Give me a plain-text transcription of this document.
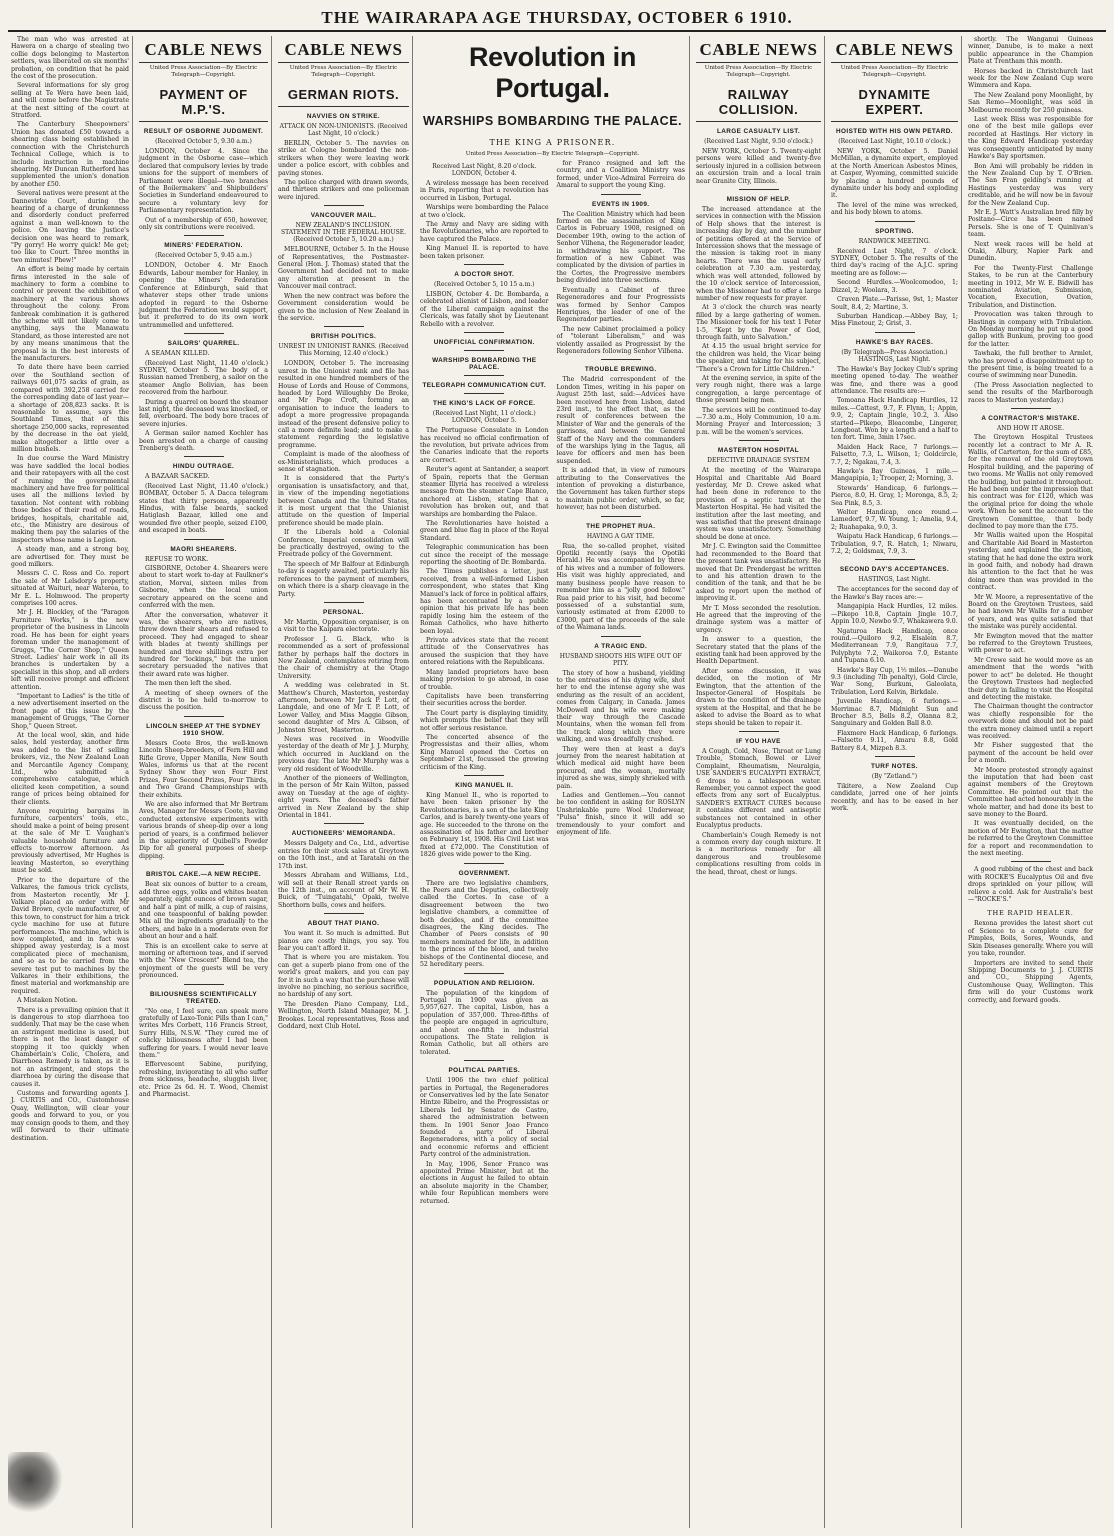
THE WAIRARAPA AGE THURSDAY, OCTOBER 6 1910.

The man who was arrested at Hawera on a charge of stealing two collie dogs belonging to Masterton settlers, was liberated on six months' probation, on condition that he paid the cost of the prosecution.

Several informations for sly grog selling at Te Wera have been laid, and will come before the Magistrate at the next sitting of the court at Stratford.

The Canterbury Sheepowners' Union has donated £50 towards a shearing class being established in connection with the Christchurch Technical College, which is to include instruction in machine shearing. Mr Duncan Rutherford has supplemented the union's donation by another £50.

Several natives were present at the Dannevirke Court, during the hearing of a charge of drunkenness and disorderly conduct preferred against a man well-known to the police. On leaving the Justice's decision one was heard to remark, "Py gorry! He worry quick! Me get; too like to Court. Three months in two minutes! Phew!"

An effort is being made by certain firms interested in the sale of machinery to form a combine to control or prevent the exhibition of machinery at the various shows throughout the colony. From fanbreak combination it is gathered the scheme will not likely come to anything, says the Manawatu Standard, as those interested are not by any means unanimous that the proposal is in the best interests of the manufacturers.

To date there have been carried over the Southland section of railways 601,075 sacks of grain, as compared with 392,258 carried for the corresponding date of last year—a shortage of 208,823 sacks. It is reasonable to assume, says the Southland Times, that of this shortage 250,000 sacks, represented by the decrease in the oat yield, make altogether a little over a million bushels.

In due course the Ward Ministry was have saddled the local bodies and their ratepayers with all the cost of running the governmental machinery and have free for political uses all the millions levied by taxation. Not content with robbing those bodies of their road of roads, bridges, hospitals, charitable aid, etc., the Ministry are desirous of making them pay the salaries of the inspectors whose name is Legion.

A steady man, and a strong boy, are advertised for. They must be good milkers.

Messrs C. C. Ross and Co. report the sale of Mr Lelsdorp's property, situated at Waituri, near Waterea, to Mr E. L. Holmwood. The property comprises 100 acres.

Mr J. H. Blockley, of the "Paragon Furniture Works," is the new proprietor of the business in Lincoln road. He has been for eight years foreman under the management of Gruggs, "The Corner Shop," Queen Street. Ladies' hair work in all its branches is undertaken by a specialist in this shop, and all orders left will receive prompt and efficient attention.

"Important to Ladies" is the title of a new advertisement inserted on the front page of this issue by the management of Gruggs, "The Corner Shop," Queen Street.

At the local wool, skin, and hide sales, held yesterday, another firm was added to the list of selling brokers, viz., the New Zealand Loan and Mercantile Agency Company, Ltd., who submitted a comprehensive catalogue, which elicited keen competition, a sound range of prices being obtained for their clients.

Anyone requiring bargains in furniture, carpenters' tools, etc., should make a point of being present at the sale of Mr T. Vaughan's valuable household furniture and effects to-morrow afternoon. As previously advertised, Mr Hughes is leaving Masterton, so everything must be sold.

Prior to the departure of the Valkares, the famous trick cyclists, from Masterton recently, Mr J. Valkare placed an order with Mr David Brown, cycle manufacturer, of this town, to construct for him a trick cycle machine for use at future performances. The machine, which is now completed, and in fact was shipped away yesterday, is a most complicated piece of mechanism, and so as to be carried from the severe test put to machines by the Valkares in their exhibitions, the finest material and workmanship are required.

A Mistaken Notion.

There is a prevailing opinion that it is dangerous to stop diarrhoea too suddenly. That may be the case when an astringent medicine is used, but there is not the least danger of stopping it too quickly when Chamberlain's Colic, Cholera, and Diarrhoea Remedy is taken, as it is not an astringent, and stops the diarrhoea by curing the disease that causes it.

Customs and forwarding agents J. J. CURTIS and CO., Customhouse Quay, Wellington, will clear your goods and forward to you, or you may consign goods to them, and they will forward to their ultimate destination.

CABLE NEWS
United Press Association—By Electric Telegraph—Copyright.
PAYMENT OF M.P.'S.
RESULT OF OSBORNE JUDGMENT.
(Received October 5, 9.30 a.m.)

LONDON, October 4. Since the judgment in the Osborne case—which declared that compulsory levies by trade unions for the support of members of Parliament were illegal—two branches of the Boilermakers' and Shipbuilders' Societies in Sunderland endeavoured to secure a voluntary levy for Parliamentary representation.

Out of a membership of 650, however, only six contributions were received.

MINERS' FEDERATION.
(Received October 5, 9.45 a.m.)

LONDON, October 4. Mr Enoch Edwards, Labour member for Hanley, in opening the Miners' Federation Conference at Edinburgh, said that whatever steps other trade unions adopted in regard to the Osborne judgment the Federation would support, but it preferred to do its own work untrammelled and unfettered.

SAILORS' QUARREL.

A SEAMAN KILLED.

(Received Last Night, 11.40 o'clock.) SYDNEY, October 5. The body of a Russian named Trenberg, a sailor on the steamer Anglo Bolivian, has been recovered from the harbour.

During a quarrel on board the steamer last night, the deceased was knocked, or fell, overboard. The body bore traces of severe injuries.

A German sailor named Kochler has been arrested on a charge of causing Trenberg's death.

HINDU OUTRAGE.

A BAZAAR SACKED.

(Received Last Night, 11.40 o'clock.) BOMBAY, October 5. A Dacca telegram states that thirty persons, apparently Hindus, with false beards, sacked Hatiglash Bazaar, killed one and wounded five other people, seized £100, and escaped in boats.

MAORI SHEARERS.

REFUSE TO WORK.

GISBORNE, October 4. Shearers were about to start work to-day at Faulkner's station, Morvai, sixteen miles from Gisborne, when the local union secretary appeared on the scene and conferred with the men.

After the conversation, whatever it was, the shearers, who are natives, threw down their shears and refused to proceed. They had engaged to shear with blades at twenty shillings per hundred and three shillings extra per hundred for "lockings," but the union secretary persuaded the natives that their award rate was higher.

The men then left the shed.

A meeting of sheep owners of the district is to be held to-morrow to discuss the position.

LINCOLN SHEEP AT THE SYDNEY 1910 SHOW.

Messrs Coote Bros, the well-known Lincoln Sheep-breeders, of Fern Hill and Rifle Grove, Upper Manilla, New South Wales, informs us that at the recent Sydney Show they won Four First Prizes, Four Second Prizes, Four Thirds, and Two Grand Championships with their exhibits.

We are also informed that Mr Bertram Aves, Manager for Messrs Coote, having conducted extensive experiments with various brands of sheep-dip over a long period of years, is a confirmed believer in the superiority of Quibell's Powder Dip for all general purposes of sheep-dipping.

BRISTOL CAKE.—A NEW RECIPE.

Beat six ounces of butter to a cream, add three eggs, yolks and whites beaten separately, eight ounces of brown sugar, and half a pint of milk, a cup of raisins, and one teaspoonful of baking powder. Mix all the ingredients gradually to the others, and bake in a moderate oven for about an hour and a half.

This is an excellent cake to serve at morning or afternoon teas, and if served with the "New Crescent" Blend tea, the enjoyment of the guests will be very pronounced.

BILIOUSNESS SCIENTIFICALLY TREATED.

"No one, I feel sure, can speak more gratefully of Laxo-Tonic Pills than I can," writes Mrs Corbett, 116 Francis Street, Surry Hills, N.S.W. "They cured me of colicky biliousness after I had been suffering for years. I would never leave them."

Effervescent Sabine, purifying, refreshing, invigorating to all who suffer from sickness, headache, sluggish liver, etc. Price 2s 6d. H. T. Wood, Chemist and Pharmacist.

CABLE NEWS
United Press Association—By Electric Telegraph—Copyright.
GERMAN RIOTS.
NAVVIES ON STRIKE.
ATTACK ON NON-UNIONISTS. (Received Last Night, 10 o'clock.)

BERLIN, October 5. The navvies on strike at Cologne bombarded the non-strikers when they were leaving work under a police escort, with cobbles and paving stones.

The police charged with drawn swords, and thirteen strikers and one policeman were injured.

VANCOUVER MAIL.
NEW ZEALAND'S INCLUSION. STATEMENT IN THE FEDERAL HOUSE. (Received October 5, 10.20 a.m.)

MELBOURNE, October 5. In the House of Representatives, the Postmaster-General (Hon. J. Thomas) stated that the Government had decided not to make any alteration at present in the Vancouver mail contract.

When the new contract was before the Government consideration would be given to the inclusion of New Zealand in the service.

BRITISH POLITICS.
UNREST IN UNIONIST RANKS. (Received This Morning, 12.40 o'clock.)

LONDON, October 5. The increasing unrest in the Unionist rank and file has resulted in one hundred members of the House of Lords and House of Commons, headed by Lord Willoughby De Broke, and Mr Page Croft, forming an organisation to induce the leaders to adopt a more progressive propaganda instead of the present defensive policy to call a more definite lead; and to make a statement regarding the legislative programme.

Complaint is made of the aloofness of ex-Ministerialists, which produces a sense of stagnation.

It is considered that the Party's organisation is unsatisfactory, and that, in view of the impending negotiations between Canada and the United States, it is most urgent that the Unionist attitude on the question of Imperial preference should be made plain.

If the Liberals hold a Colonial Conference, Imperial consolidation will be practically destroyed, owing to the Freetrade policy of the Government.

The speech of Mr Balfour at Edinburgh to-day is eagerly awaited, particularly his references to the payment of members, on which there is a sharp cleavage in the Party.

PERSONAL.

Mr Martin, Opposition organiser, is on a visit to the Kaipara electorate.

Professor J. G. Black, who is recommended as a sort of professional father by perhaps half the doctors in New Zealand, contemplates retiring from the chair of chemistry at the Otago University.

A wedding was celebrated in St. Matthew's Church, Masterton, yesterday afternoon, between Mr Jack P. Lott, of Langdale, and one of Mr T. P. Lott, of Lower Valley, and Miss Maggie Gibson, second daughter of Mrs A. Gibson, of Johnston Street, Masterton.

News was received in Woodville yesterday of the death of Mr J. J. Murphy, which occurred in Auckland on the previous day. The late Mr Murphy was a very old resident of Woodville.

Another of the pioneers of Wellington, in the person of Mr Kain Wilton, passed away on Tuesday at the age of eighty-eight years. The deceased's father arrived in New Zealand by the ship Oriental in 1841.

AUCTIONEERS' MEMORANDA.

Messrs Dalgety and Co., Ltd., advertise entries for their stock sales at Greytown on the 10th inst., and at Taratahi on the 17th inst.

Messrs Abraham and Williams, Ltd., will sell at their Renall street yards on the 12th inst., on account of Mr W. H. Buick, of "Tuingatahi," Opaki, twelve Shorthorn bulls, cows and heifers.

ABOUT THAT PIANO.

You want it. So much is admitted. But pianos are costly things, you say. You fear you can't afford it.

That is where you are mistaken. You can get a superb piano from one of the world's great makers, and you can pay for it in such a way that the purchase will involve no pinching, no serious sacrifice, no hardship of any sort.

The Dresden Piano Company, Ltd., Wellington, North Island Manager, M. J. Brookes. Local representatives, Ross and Goddard, next Club Hotel.

Revolution in Portugal.
WARSHIPS BOMBARDING THE PALACE.
THE KING A PRISONER.
United Press Association—By Electric Telegraph—Copyright.
Received Last Night, 8.20 o'clock. LONDON, October 4.

A wireless message has been received in Paris, reporting that a revolution has occurred in Lisbon, Portugal.

Warships were bombarding the Palace at two o'clock.

The Army and Navy are siding with the Revolutionaries, who are reported to have captured the Palace.

King Manuel II. is reported to have been taken prisoner.

A DOCTOR SHOT.
(Received October 5, 10 15 a.m.)

LISBON, October 4. Dr. Bombarda, a celebrated alienist of Lisbon, and leader of the Liberal campaign against the Clericals, was fatally shot by Lieutenant Rebello with a revolver.

UNOFFICIAL CONFIRMATION.
WARSHIPS BOMBARDING THE PALACE.
TELEGRAPH COMMUNICATION CUT.
THE KING'S LACK OF FORCE.
(Received Last Night, 11 o'clock.) LONDON, October 5.

The Portuguese Consulate in London has received no official confirmation of the revolution, but private advices from the Canaries indicate that the reports are correct.

Reuter's agent at Santander, a seaport of Spain, reports that the German steamer Illyria has received a wireless message from the steamer Cape Blanco, anchored at Lisbon, stating that a revolution has broken out, and that warships are bombarding the Palace.

The Revolutionaries have hoisted a green and blue flag in place of the Royal Standard.

Telegraphic communication has been cut since the receipt of the message reporting the shooting of Dr. Bombarda.

The Times publishes a letter, just received, from a well-informed Lisbon correspondent, who states that King Manuel's lack of force in political affairs, has been accentuated by a public opinion that his private life has been rapidly losing him the esteem of the Roman Catholics, who have hitherto been loyal.

Private advices state that the recent attitude of the Conservatives has aroused the suspicion that they have entered relations with the Republicans.

Many landed proprietors have been making provision to go abroad, in case of trouble.

Capitalists have been transferring their securities across the border.

The Court party is displaying timidity, which prompts the belief that they will not offer serious resistance.

The concerted absence of the Progressistas and their allies, whom King Manuel opened the Cortes on September 21st, focussed the growing criticism of the King.

KING MANUEL II.

King Manuel II., who is reported to have been taken prisoner by the Revolutionaries, is a son of the late King Carlos, and is barely twenty-one years of age. He succeeded to the throne on the assassination of his father and brother on February 1st, 1908. His Civil List was fixed at £72,000. The Constitution of 1826 gives wide power to the King.

GOVERNMENT.

There are two legislative chambers, the Peers and the Deputies, collectively called the Cortes. In case of a disagreement between the two legislative chambers, a committee of both decides, and if the committee disagrees, the King decides. The Chamber of Peers consists of 90 members nominated for life, in addition to the princes of the blood, and twelve bishops of the Continental diocese, and 52 hereditary peers.

POPULATION AND RELIGION.

The population of the kingdom of Portugal in 1900 was given as 5,957,627. The capital, Lisbon, has a population of 357,000. Three-fifths of the people are engaged in agriculture, and about one-fifth in industrial occupations. The State religion is Roman Catholic, but all others are tolerated.

POLITICAL PARTIES.

Until 1906 the two chief political parties in Portugal, the Regeneradores or Conservatives led by the late Senator Hintze Ribeiro, and the Progressistas or Liberals led by Senator de Castro, shared the administration between them. In 1901 Senor Joao Franco founded a party of Liberal Regeneradores, with a policy of social and economic reforms and efficient Party control of the administration.

In May, 1906, Senor Franco was appointed Prime Minister, but at the elections in August he failed to obtain an absolute majority in the Chamber, while four Republican members were returned.

for Franco resigned and left the country, and a Coalition Ministry was formed, under Vice-Admiral Ferreira do Amaral to support the young King.

EVENTS IN 1909.

The Coalition Ministry which had been formed on the assassination of King Carlos in February 1908, resigned on December 19th, owing to the action of Senhor Vilhena, the Regenerador leader, in withdrawing his support. The formation of a new Cabinet was complicated by the division of parties in the Cortes, the Progressive members being divided into three sections.

Eventually a Cabinet of three Regeneradores and four Progressists was formed by Senhor Campos Henriques, the leader of one of the Regenerador parties.

The new Cabinet proclaimed a policy of "tolerant Liberalism," and was violently assailed as Progressist by the Regeneradors following Senhor Vilhena.

TROUBLE BREWING.

The Madrid correspondent of the London Times, writing in his paper on August 25th last, said:—Advices have been received here from Lisbon, dated 23rd inst., to the effect that, as the result of conferences between the Minister of War and the generals of the garrisons, and between the General Staff of the Navy and the commanders of the warships lying in the Tagus, all leave for officers and men has been suspended.

It is added that, in view of rumours attributing to the Conservatives the intention of provoking a disturbance, the Government has taken further steps to maintain public order, which, so far, however, has not been disturbed.

THE PROPHET RUA.
HAVING A GAY TIME.

Rua, the so-called prophet, visited Opotiki recently (says the Opotiki Herald.) He was accompanied by three of his wives and a number of followers. His visit was highly appreciated, and many business people have reason to remember him as a "jolly good fellow." Rua paid prior to his visit, had become possessed of a substantial sum, variously estimated at from £2000 to £3000, part of the proceeds of the sale of the Waimana lands.

A TRAGIC END.
HUSBAND SHOOTS HIS WIFE OUT OF PITY.

The story of how a husband, yielding to the entreaties of his dying wife, shot her to end the intense agony she was enduring as the result of an accident, comes from Calgary, in Canada. James McDowell and his wife were making their way through the Cascade Mountains, when the woman fell from the track along which they were walking, and was dreadfully crushed.

They were then at least a day's journey from the nearest habitation at which medical aid might have been procured, and the woman, mortally injured as she was, simply shrieked with pain.

Ladies and Gentlemen.—You cannot be too confident in asking for ROSLYN Unshrinkable pure Wool Underwear, "Pulsa" finish, since it will add so tremendously to your comfort and enjoyment of life.

CABLE NEWS
United Press Association—By Electric Telegraph—Copyright.
RAILWAY COLLISION.
LARGE CASUALTY LIST.
(Received Last Night, 9.50 o'clock.)

NEW YORK, October 5. Twenty-eight persons were killed and twenty-five seriously injured in a collision between an excursion train and a local train near Granite City, Illinois.

MISSION OF HELP.

The increased attendance at the services in connection with the Mission of Help shows that the interest is increasing day by day, and the number of petitions offered at the Service of Intercession shows that the message of the mission is taking root in many hearts. There was the usual early celebration at 7.30 a.m. yesterday, which was well attended, followed by the 10 o'clock service of Intercession, when the Missioner had to offer a large number of new requests for prayer.

At 3 o'clock the church was nearly filled by a large gathering of women. The Missioner took for his text 1 Peter 1-5, "Kept by the Power of God, through faith, unto Salvation."

At 4.15 the usual bright service for the children was held, the Vicar being the speaker, and taking for his subject, "There's a Crown for Little Children."

At the evening service, in spite of the very rough night, there was a large congregation, a large percentage of those present being men.

The services will be continued to-day—7.30 a.m., Holy Communion, 10 a.m. Morning Prayer and Intercession; 3 p.m. will be the women's services.

MASTERTON HOSPITAL
DEFECTIVE DRAINAGE SYSTEM

At the meeting of the Wairarapa Hospital and Charitable Aid Board yesterday, Mr D. Crewe asked what had been done in reference to the provision of a septic tank at the Masterton Hospital. He had visited the institution after the last meeting, and was satisfied that the present drainage system was unsatisfactory. Something should be done at once.

Mr J. C. Ewington said the Committee had recommended to the Board that the present tank was unsatisfactory. He moved that Dr. Prendergast be written to and his attention drawn to the condition of the tank, and that he be asked to report upon the method of improving it.

Mr T. Moss seconded the resolution. He agreed that the improving of the drainage system was a matter of urgency.

In answer to a question, the Secretary stated that the plans of the existing tank had been approved by the Health Department.

After some discussion, it was decided, on the motion of Mr Ewington, that the attention of the Inspector-General of Hospitals be drawn to the condition of the drainage system at the Hospital, and that he be asked to advise the Board as to what steps should be taken to repair it.

IF YOU HAVE

A Cough, Cold, Nose, Throat or Lung Trouble, Stomach, Bowel or Liver Complaint, Rheumatism, Neuralgia, USE SANDER'S EUCALYPTI EXTRACT, 6 drops to a tablespoon water. Remember, you cannot expect the good effects from any sort of Eucalyptus. SANDER'S EXTRACT CURES because it contains different and antiseptic substances not contained in other Eucalyptus products.

Chamberlain's Cough Remedy is not a common every day cough mixture. It is a meritorious remedy for all dangerous and troublesome complications resulting from colds in the head, throat, chest or lungs.

CABLE NEWS
United Press Association—By Electric Telegraph—Copyright.
DYNAMITE EXPERT.
HOISTED WITH HIS OWN PETARD.
(Received Last Night, 10.10 o'clock.)

NEW YORK, October 5. Daniel McMillan, a dynamite expert, employed at the North American Asbestos Mines, at Casper, Wyoming, committed suicide by placing a hundred pounds of dynamite under his body and exploding it.

The level of the mine was wrecked, and his body blown to atoms.

SPORTING.
RANDWICK MEETING.

Received Last Night, 7 o'clock. SYDNEY, October 5. The results of the third day's racing of the A.J.C. spring meeting are as follow:—

Second Hurdles.—Woolcomodoo, 1; Dizzel, 2; Woolara, 3.

Craven Plate.—Parisse, 9st, 1; Master Soult, 8.4, 2; Martine, 3.

Suburban Handicap.—Abbey Bay, 1; Miss Finetour, 2; Grist, 3.

HAWKE'S BAY RACES.
(By Telegraph—Press Association.) HASTINGS, Last Night.

The Hawke's Bay Jockey Club's spring meeting opened to-day. The weather was fine, and there was a good attendance. The results are:—

Tomoana Hack Handicap Hurdles, 12 miles.—Cattest, 9.7, F. Flynn, 1; Appin, 9.9, 2; Captain Jingle, 10.2, 3. Also started—Pikepo, Bleacombe, Lingerer, Longboat. Won by a length and a half to ten fort. Time, 3min 17sec.

Maiden Hack Race, 7 furlongs.—Falsetto, 7.3, L. Wilson, 1; Goldcircle, 7.7, 2; Ngakau, 7.4, 3.

Hawke's Bay Guineas, 1 mile.—Mangapipia, 1; Trooper, 2; Morning, 3.

Stewards' Handicap, 6 furlongs.—Pierce, 8.0, H. Gray, 1; Moronga, 8.5, 2; Sea Pink, 8.5, 3.

Welter Handicap, once round.—Lamedorf, 9.7, W. Young, 1; Amelia, 9.4, 2; Ruahapaka, 9.0, 3.

Waipatu Hack Handicap, 6 furlongs.—Tribulation, 9.7, R. Hatch, 1; Niwaru, 7.2, 2; Goldsmax, 7.9, 3.

SECOND DAY'S ACCEPTANCES.
HASTINGS, Last Night.

The acceptances for the second day of the Hawke's Bay races are:—

Mangapipia Hack Hurdles, 12 miles.—Pikepo 10.8, Captain Jingle 10.7, Appin 10.0, Newbo 9.7, Whakawera 9.0.

Ngaturoa Hack Handicap, once round.—Quiloro 9.2, Elsalein 8.7, Mediterranean 7.9, Rangitaua 7.7, Polyphyte 7.2, Waikoroa 7.0, Estante and Tupana 6.10.

Hawke's Bay Cup, 1½ miles.—Danube 9.3 (including 7lb penalty), Gold Circle, War Song, Burkum, Galeolata, Tribulation, Lord Kelvin, Birkdale.

Juvenile Handicap, 6 furlongs.—Merrimac 8.7, Midnight Sun and Brocher 8.5, Bells 8.2, Olanna 8.2, Sanguinary and Golden Ball 8.0.

Flaxmere Hack Handicap, 6 furlongs.—Falsetto 9.11, Amaru 8.8, Gold Battery 8.4, Mizpeh 8.3.

TURF NOTES.
(By "Zetland.")

Tikitere, a New Zealand Cup candidate, jarred one of her joints recently, and has to be eased in her work.

shortly. The Wanganui Guineas winner, Danube, is to make a next public appearance in the Champion Plate at Trentham this month.

Horses backed in Christchurch last week for the New Zealand Cup were Wimmera and Kapa.

The New Zealand pony Moonlight, by San Remo—Moonlight, was sold in Melbourne recently for 250 guineas.

Last week Bliss was responsible for one of the best mile gallops ever recorded at Hastings. Her victory in the King Edward Handicap yesterday was consequently anticipated by many Hawke's Bay sportsmen.

Bon Ami will probably be ridden in the New Zealand Cup by T. O'Brien. The San Fran gelding's running at Hastings yesterday was very creditable, and he will now be in favour for the New Zealand Cup.

Mr E. J. Watt's Australian bred filly by Positano—Circe has been named Persels. She is one of T. Quinlivan's team.

Next week races will be held at Otaki, Albury, Napier Park and Dunedin.

For the Twenty-First Challenge Stakes, to be run at the Canterbury meeting in 1912, Mr W. E. Bidwill has nominated Aviation, Submission, Vocation, Execution, Ovation, Tribulation, and Distinction.

Provocation was taken through to Hastings in company with Tribulation. On Monday morning he put up a good gallop with Bunkum, proving too good for the latter.

Tawhaki, the full brother to Armlet, who has proved a disappointment up to the present time, is being treated to a course of swimming near Dunedin.

(The Press Association neglected to send the results of the Marlborough races to Masterton yesterday.)

A CONTRACTOR'S MISTAKE.
AND HOW IT AROSE.

The Greytown Hospital Trustees recently let a contract to Mr A. R. Wallis, of Carterton, for the sum of £85, for the removal of the old Greytown Hospital building, and the papering of two rooms. Mr Wallis not only removed the building, but painted it throughout. He had been under the impression that his contract was for £120, which was the original price for doing the whole work. When he sent the account to the Greytown Committee, that body declined to pay more than the £75.

Mr Wallis waited upon the Hospital and Charitable Aid Board in Masterton yesterday, and explained the position, stating that he had done the extra work in good faith, and nobody had drawn his attention to the fact that he was doing more than was provided in the contract.

Mr W. Moore, a representative of the Board on the Greytown Trustees, said he had known Mr Wallis for a number of years, and was quite satisfied that the mistake was purely accidental.

Mr Ewington moved that the matter be referred to the Greytown Trustees, with power to act.

Mr Crewe said he would move as an amendment that the words "with power to act" be deleted. He thought the Greytown Trustees had neglected their duty in failing to visit the Hospital and detecting the mistake.

The Chairman thought the contractor was chiefly responsible for the overwork done and should not be paid the extra money claimed until a report was received.

Mr Fisher suggested that the payment of the account be held over for a month.

Mr Moore protested strongly against the imputation that had been cast against members of the Greytown Committee. He pointed out that the Committee had acted honourably in the whole matter, and had done its best to save money to the Board.

It was eventually decided, on the motion of Mr Ewington, that the matter be referred to the Greytown Committee for a report and recommendation to the next meeting.

A good rubbing of the chest and back with ROCKE'S Eucalyptus Oil and five drops sprinkled on your pillow, will relieve a cold. Ask for Australia's best—"ROCKE'S."

THE RAPID HEALER.

Rexona provides the latest short cut of Science to a complete cure for Pimples, Boils, Sores, Wounds, and Skin Diseases generally. Where you will you take, rounder.

Importers are invited to send their Shipping Documents to J. J. CURTIS and CO., Shipping Agents, Customhouse Quay, Wellington. This firm will do your Customs work correctly, and forward goods.
